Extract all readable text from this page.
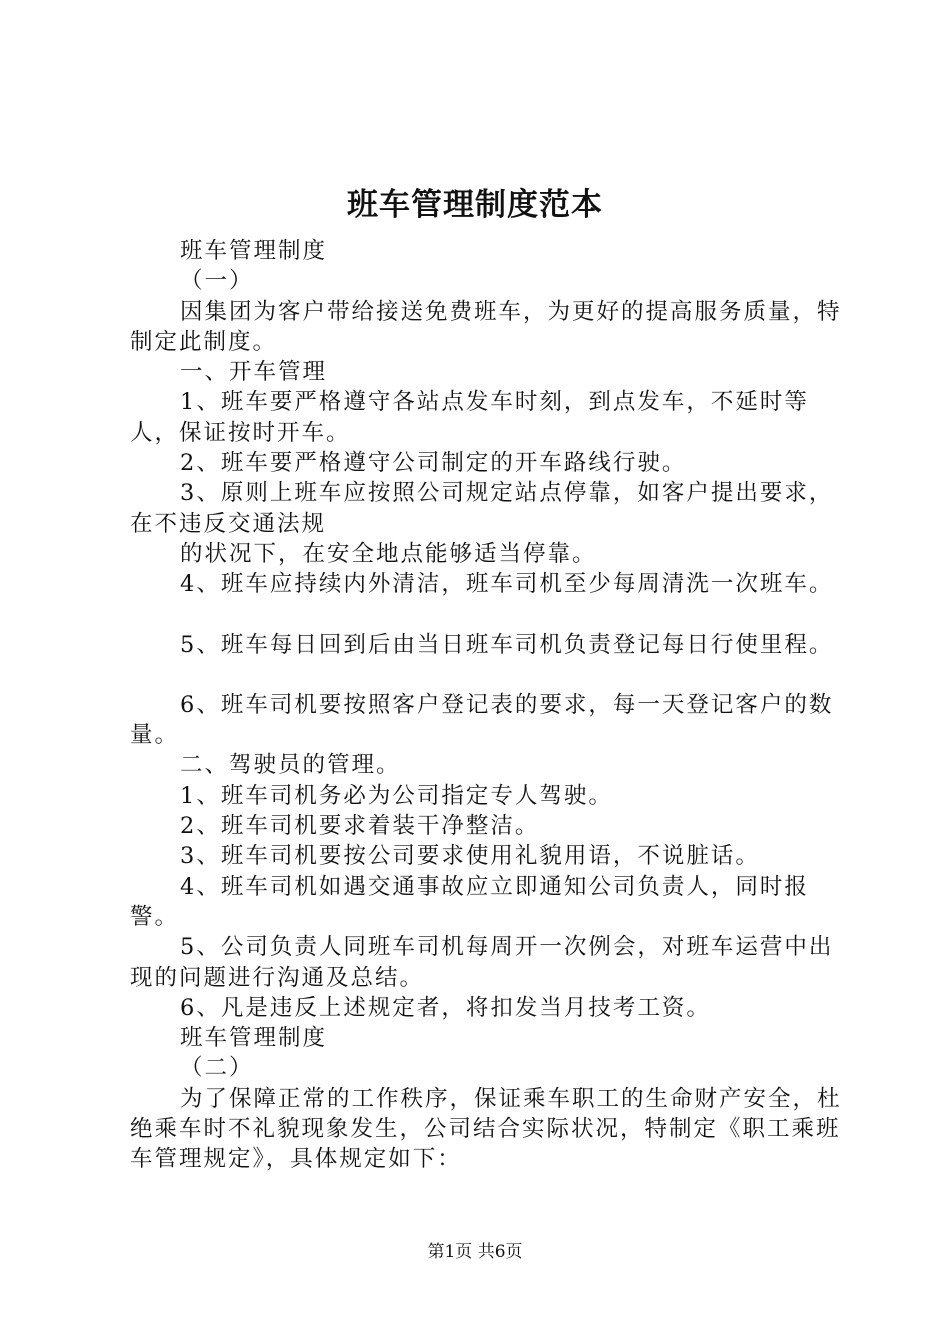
班车管理制度范本

班车管理制度

（一）

因集团为客户带给接送免费班车，为更好的提高服务质量，特制定此制度。

一、开车管理

1、班车要严格遵守各站点发车时刻，到点发车，不延时等人，保证按时开车。

2、班车要严格遵守公司制定的开车路线行驶。

3、原则上班车应按照公司规定站点停靠，如客户提出要求，在不违反交通法规

的状况下，在安全地点能够适当停靠。

4、班车应持续内外清洁，班车司机至少每周清洗一次班车。

5、班车每日回到后由当日班车司机负责登记每日行使里程。

6、班车司机要按照客户登记表的要求，每一天登记客户的数量。

二、驾驶员的管理。

1、班车司机务必为公司指定专人驾驶。

2、班车司机要求着装干净整洁。

3、班车司机要按公司要求使用礼貌用语，不说脏话。

4、班车司机如遇交通事故应立即通知公司负责人，同时报警。

5、公司负责人同班车司机每周开一次例会，对班车运营中出现的问题进行沟通及总结。

6、凡是违反上述规定者，将扣发当月技考工资。

班车管理制度

（二）

为了保障正常的工作秩序，保证乘车职工的生命财产安全，杜绝乘车时不礼貌现象发生，公司结合实际状况，特制定《职工乘班车管理规定》，具体规定如下：

第1页 共6页
